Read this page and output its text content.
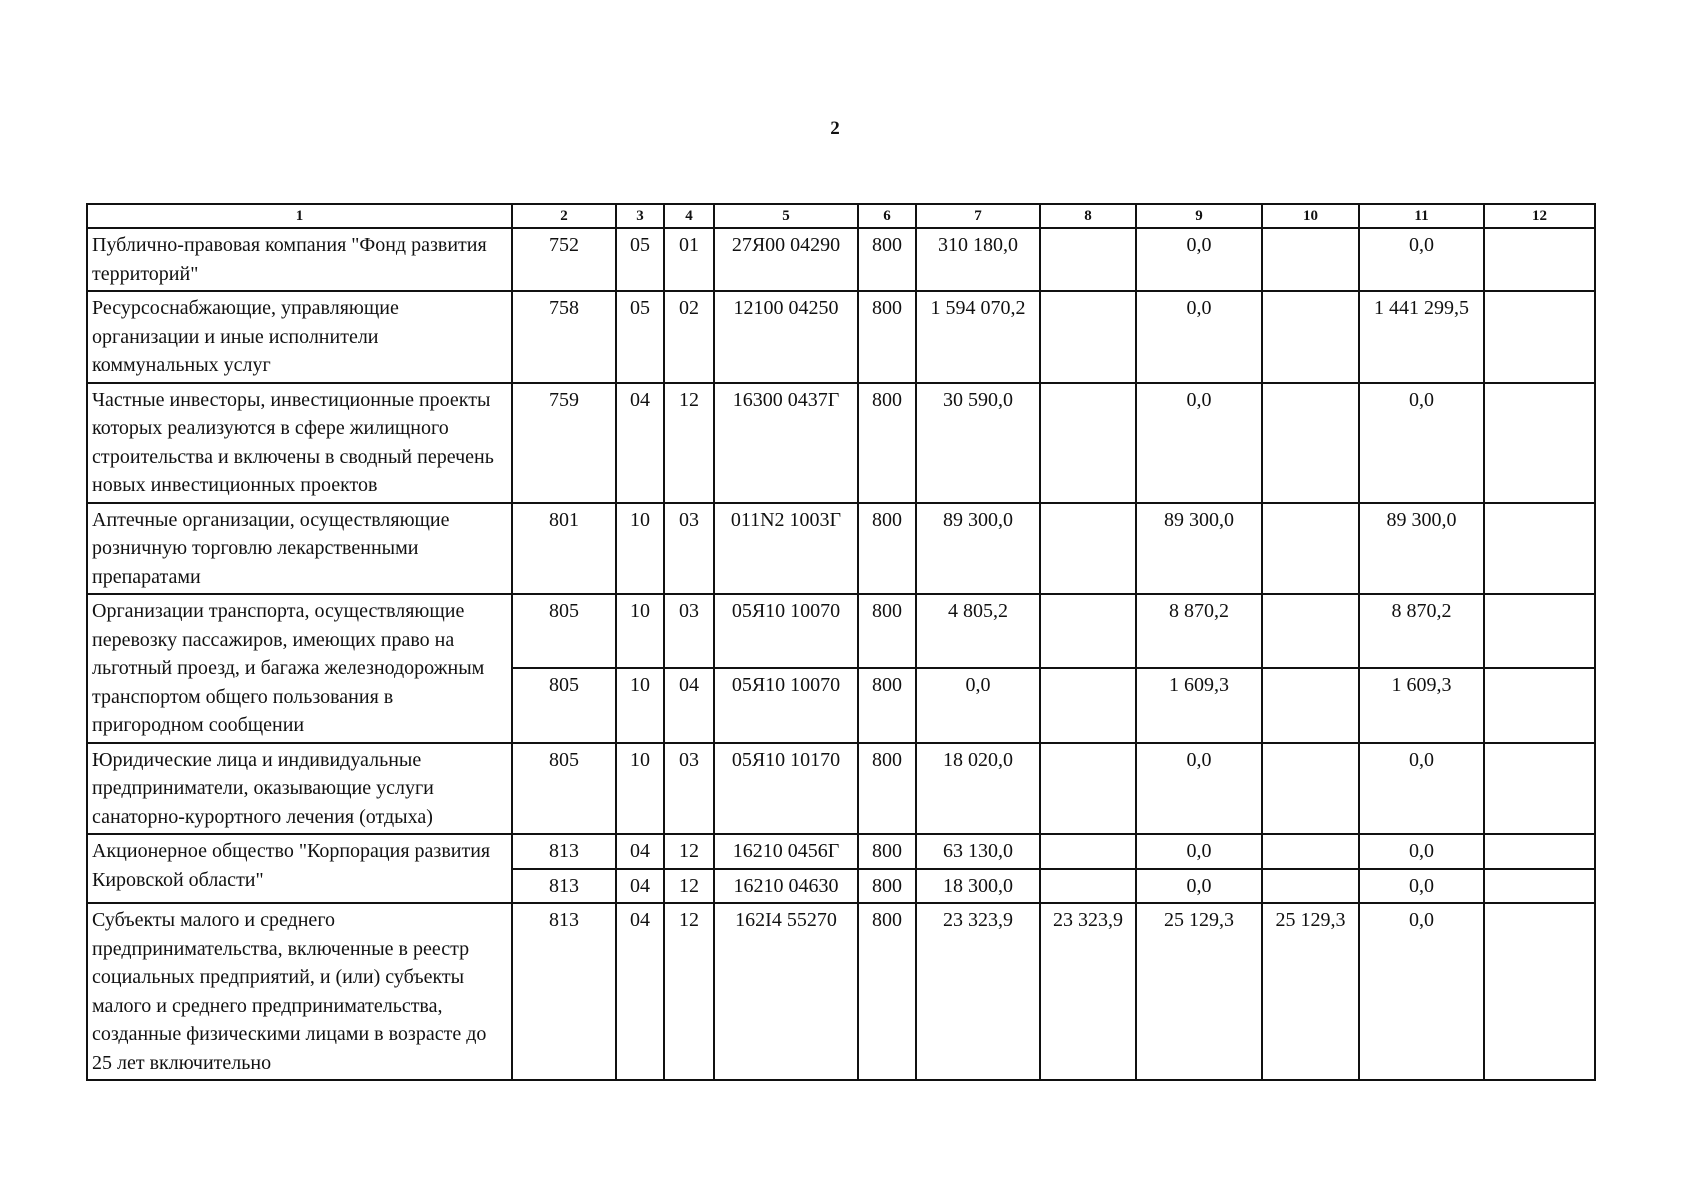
2
1	2	3	4	5	6	7	8	9	10	11	12
Публично-правовая компания "Фонд развития территорий"	752	05	01	27Я00 04290	800	310 180,0		0,0		0,0	
Ресурсоснабжающие, управляющие организации и иные исполнители коммунальных услуг	758	05	02	12100 04250	800	1 594 070,2		0,0		1 441 299,5	
Частные инвесторы, инвестиционные проекты которых реализуются в сфере жилищного строительства и включены в сводный перечень новых инвестиционных проектов	759	04	12	16300 0437Г	800	30 590,0		0,0		0,0	
Аптечные организации, осуществляющие розничную торговлю лекарственными препаратами	801	10	03	011N2 1003Г	800	89 300,0		89 300,0		89 300,0	
Организации транспорта, осуществляющие перевозку пассажиров, имеющих право на льготный проезд, и багажа железнодорожным транспортом общего пользования в пригородном сообщении	805	10	03	05Я10 10070	800	4 805,2		8 870,2		8 870,2	
	805	10	04	05Я10 10070	800	0,0		1 609,3		1 609,3	
Юридические лица и индивидуальные предприниматели, оказывающие услуги санаторно-курортного лечения (отдыха)	805	10	03	05Я10 10170	800	18 020,0		0,0		0,0	
Акционерное общество "Корпорация развития Кировской области"	813	04	12	16210 0456Г	800	63 130,0		0,0		0,0	
	813	04	12	16210 04630	800	18 300,0		0,0		0,0	
Субъекты малого и среднего предпринимательства, включенные в реестр социальных предприятий, и (или) субъекты малого и среднего предпринимательства, созданные физическими лицами в возрасте до 25 лет включительно	813	04	12	162I4 55270	800	23 323,9	23 323,9	25 129,3	25 129,3	0,0	
